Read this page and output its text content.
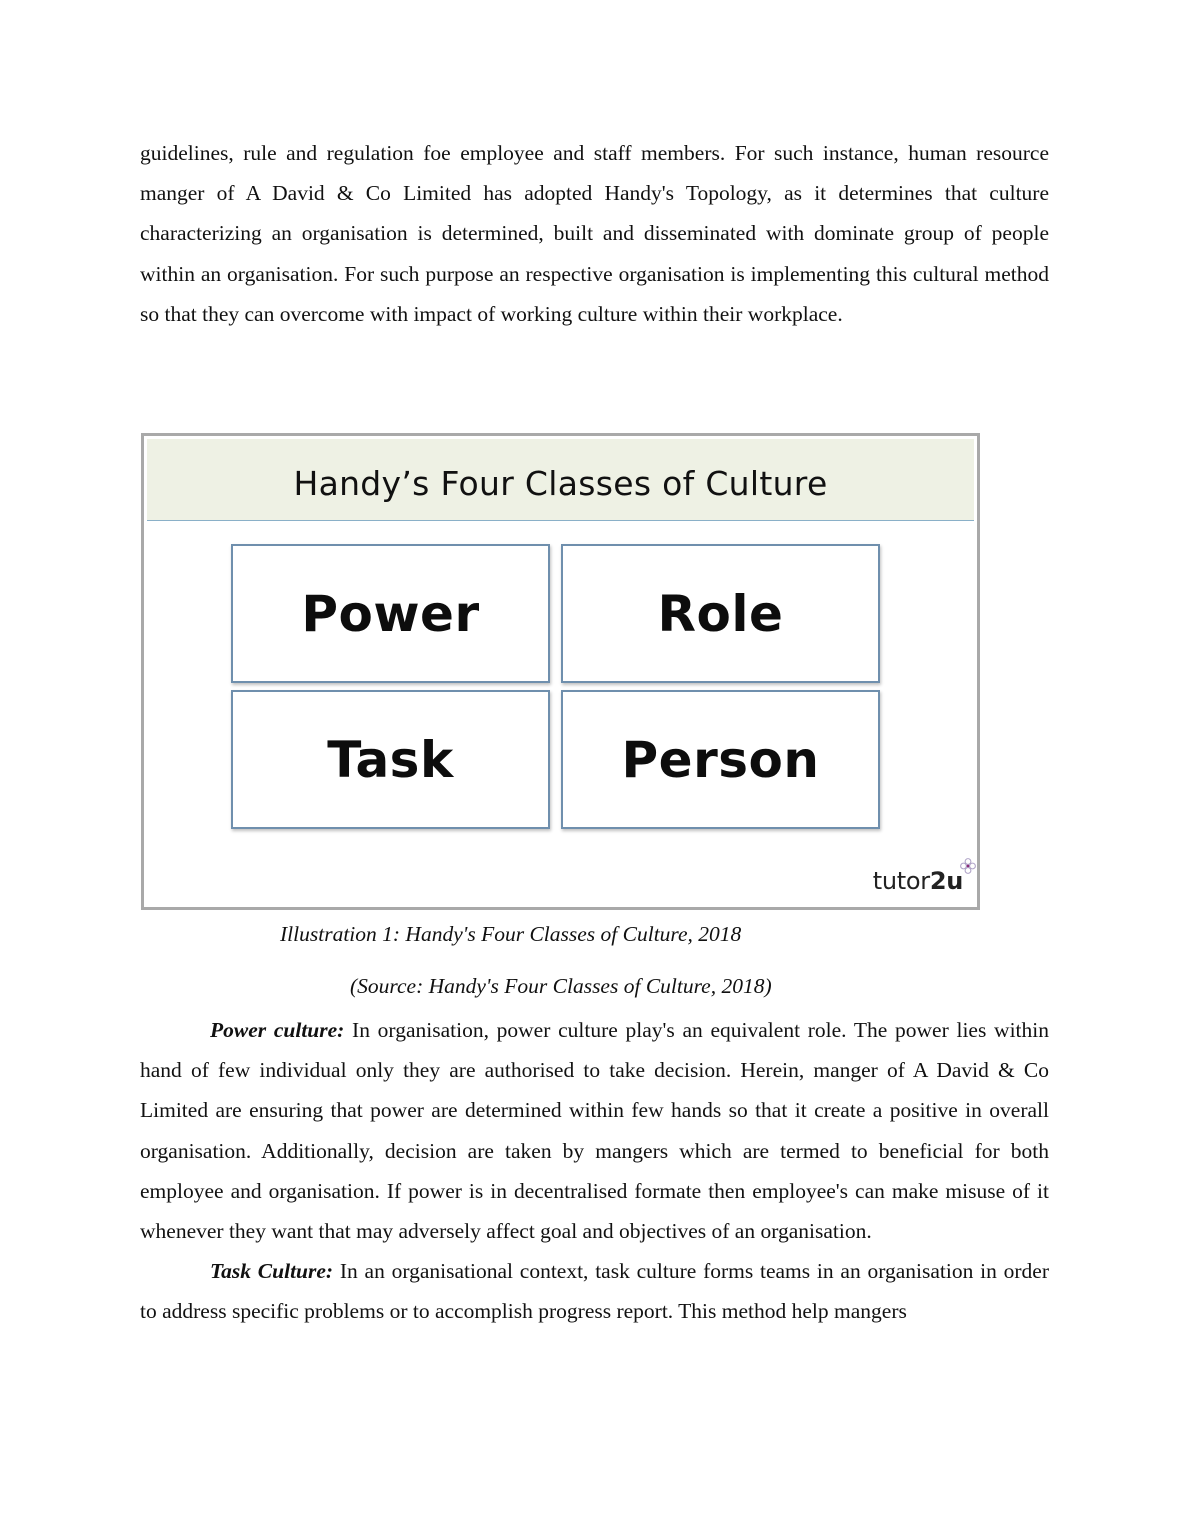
guidelines, rule and regulation foe employee and staff members. For such instance, human resource manger of A David & Co Limited has adopted Handy's Topology, as it determines that culture characterizing an organisation is determined, built and disseminated with dominate group of people within an organisation. For such purpose an respective organisation is implementing this cultural method so that they can overcome with impact of working culture within their workplace.

Handy’s Four Classes of Culture
Power	Role
Task	Person
tutor2u
Illustration 1: Handy's Four Classes of Culture, 2018
(Source: Handy's Four Classes of Culture, 2018)

Power culture: In organisation, power culture play's an equivalent role. The power lies within hand of few individual only they are authorised to take decision. Herein, manger of A David & Co Limited are ensuring that power are determined within few hands so that it create a positive in overall organisation. Additionally, decision are taken by mangers which are termed to beneficial for both employee and organisation. If power is in decentralised formate then employee's can make misuse of it whenever they want that may adversely affect goal and objectives of an organisation.

Task Culture: In an organisational context, task culture forms teams in an organisation in order to address specific problems or to accomplish progress report. This method help mangers
